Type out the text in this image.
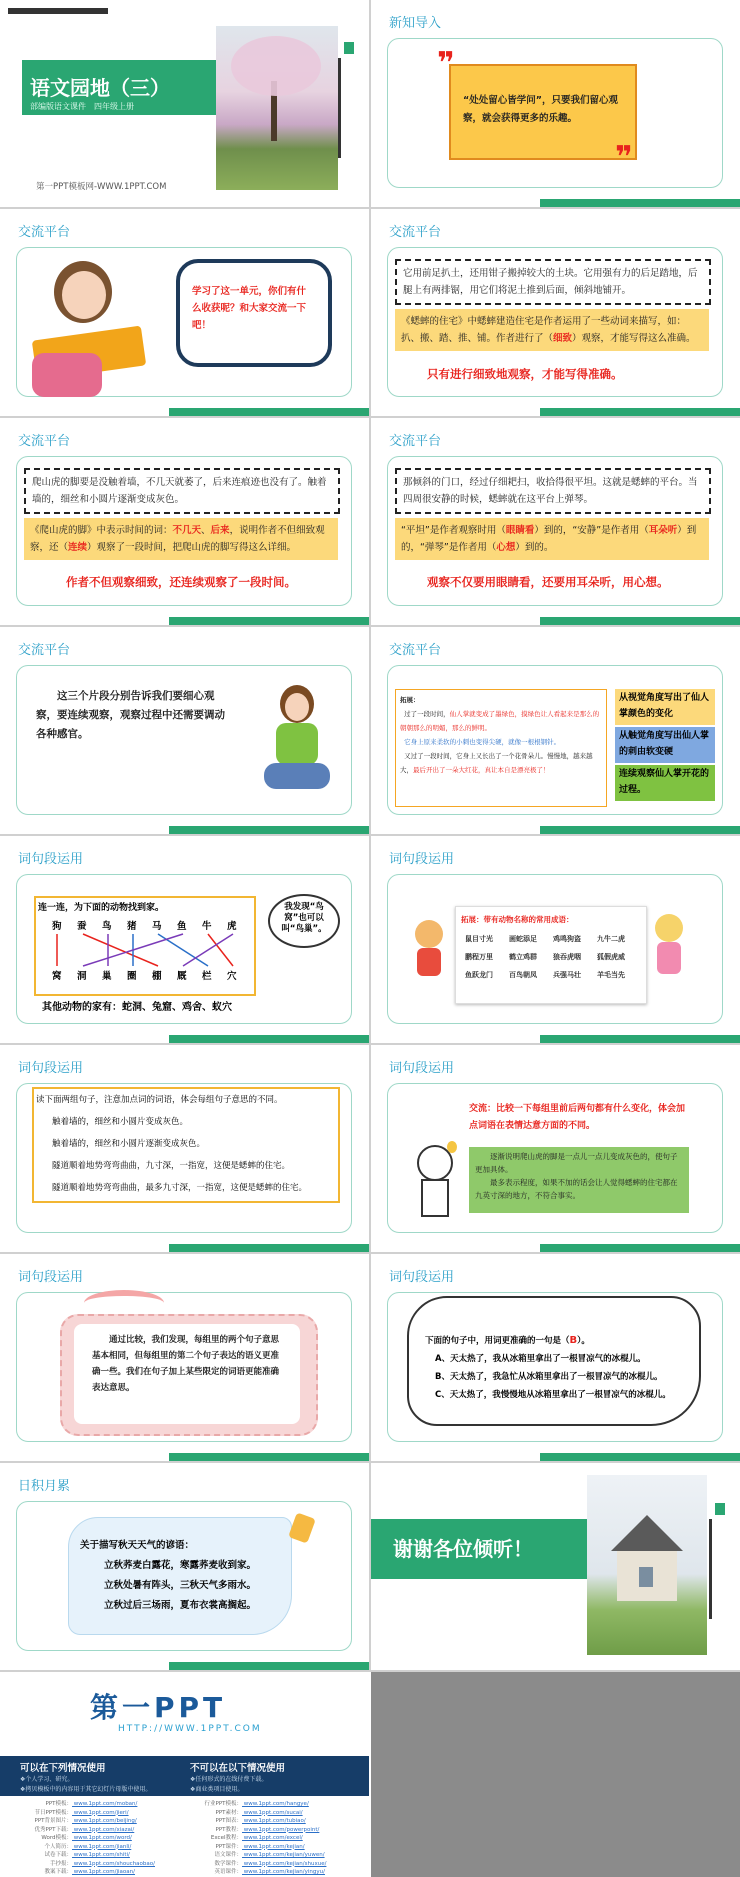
语文园地（三）
部编版语文课件　四年级上册
第一PPT模板网-WWW.1PPT.COM
新知导入
❞
❞
“处处留心皆学问”，只要我们留心观察，就会获得更多的乐趣。
交流平台
学习了这一单元，你们有什么收获呢？和大家交流一下吧！
交流平台
它用前足扒土，还用钳子搬掉较大的土块。它用强有力的后足踏地，后腿上有两排锯，用它们将泥土推到后面，倾斜地铺开。
《蟋蟀的住宅》中蟋蟀建造住宅是作者运用了一些动词来描写，如：扒、搬、踏、推、铺。作者进行了（细致）观察，才能写得这么准确。
只有进行细致地观察，才能写得准确。
交流平台
爬山虎的脚要是没触着墙，不几天就萎了，后来连痕迹也没有了。触着墙的，细丝和小圆片逐渐变成灰色。
《爬山虎的脚》中表示时间的词：不几天、后来，说明作者不但细致观察，还（连续）观察了一段时间，把爬山虎的脚写得这么详细。
作者不但观察细致，还连续观察了一段时间。
交流平台
那倾斜的门口，经过仔细耙扫，收拾得很平坦。这就是蟋蟀的平台。当四周很安静的时候，蟋蟀就在这平台上弹琴。
“平坦”是作者观察时用（眼睛看）到的，“安静”是作者用（耳朵听）到的，“弹琴”是作者用（心想）到的。
观察不仅要用眼睛看，还要用耳朵听，用心想。
交流平台
这三个片段分别告诉我们要细心观察，要连续观察，观察过程中还需要调动各种感官。
交流平台
拓展：
过了一段时间，仙人掌就变成了墨绿色，摸绿色让人看起来是那么的朝朝那么的明媚，那么的鲜明。
它身上原来柔软的小刺也变得尖硬，就像一根根钢针。
又过了一段时间，它身上又长出了一个花骨朵儿。慢慢地，越来越大，最后开出了一朵大红花，真让本自是漂亮极了！
从视觉角度写出了仙人掌颜色的变化
从触觉角度写出仙人掌的刺由软变硬
连续观察仙人掌开花的过程。
词句段运用
连一连，为下面的动物找到家。
狗 蚕 鸟 猪 马 鱼 牛 虎
窝 洞 巢 圈 棚 厩 栏 穴
我发现“鸟窝”也可以叫“鸟巢”。
其他动物的家有：蛇洞、兔窟、鸡舍、蚁穴
词句段运用
拓展：带有动物名称的常用成语：
鼠目寸光	画蛇添足	鸡鸣狗盗	九牛二虎
鹏程万里	鹤立鸡群	狼吞虎咽	狐假虎威
鱼跃龙门	百鸟朝凤	兵强马壮	羊毛当先
词句段运用
读下面两组句子，注意加点词的词语，体会每组句子意思的不同。
触着墙的，细丝和小圆片变成灰色。
触着墙的，细丝和小圆片逐渐变成灰色。
隧道顺着地势弯弯曲曲，九寸深，一指宽，这便是蟋蟀的住宅。
隧道顺着地势弯弯曲曲，最多九寸深，一指宽，这便是蟋蟀的住宅。
词句段运用
交流：比较一下每组里前后两句都有什么变化，体会加点词语在表情达意方面的不同。
逐渐说明爬山虎的脚是一点儿一点儿变成灰色的，使句子更加具体。
最多表示程度，如果不加的话会让人觉得蟋蟀的住宅都在九英寸深的地方，不符合事实。
词句段运用
通过比较，我们发现，每组里的两个句子意思基本相同，但每组里的第二个句子表达的语义更准确一些。我们在句子加上某些限定的词语更能准确表达意思。
词句段运用
下面的句子中，用词更准确的一句是（B）。
A、天太热了，我从冰箱里拿出了一根冒凉气的冰棍儿。
B、天太热了，我急忙从冰箱里拿出了一根冒凉气的冰棍儿。
C、天太热了，我慢慢地从冰箱里拿出了一根冒凉气的冰棍儿。
日积月累
关于描写秋天天气的谚语：
立秋荞麦白露花，寒露荞麦收到家。
立秋处暑有阵头，三秋天气多雨水。
立秋过后三场雨，夏布衣裳高搁起。
谢谢各位倾听！
第一PPT
HTTP://WWW.1PPT.COM
可以在下列情况使用
❖个人学习、研究。
❖拷贝模板中的内容用于其它幻灯片母版中使用。
不可以在以下情况使用
❖任何形式的在线付费下载。
❖商业类项目使用。
PPT模板： www.1ppt.com/moban/
节日PPT模板： www.1ppt.com/jieri/
PPT背景图片： www.1ppt.com/beijing/
优秀PPT下载： www.1ppt.com/xiazai/
Word模板： www.1ppt.com/word/
个人简历： www.1ppt.com/jianli/
试卷下载： www.1ppt.com/shiti/
手抄报： www.1ppt.com/shouchaobao/
教案下载： www.1ppt.com/jiaoan/
行业PPT模板： www.1ppt.com/hangye/
PPT素材： www.1ppt.com/sucai/
PPT图表： www.1ppt.com/tubiao/
PPT教程： www.1ppt.com/powerpoint/
Excel教程： www.1ppt.com/excel/
PPT课件： www.1ppt.com/kejian/
语文课件： www.1ppt.com/kejian/yuwen/
数学课件： www.1ppt.com/kejian/shuxue/
英语课件： www.1ppt.com/kejian/yingyu/
